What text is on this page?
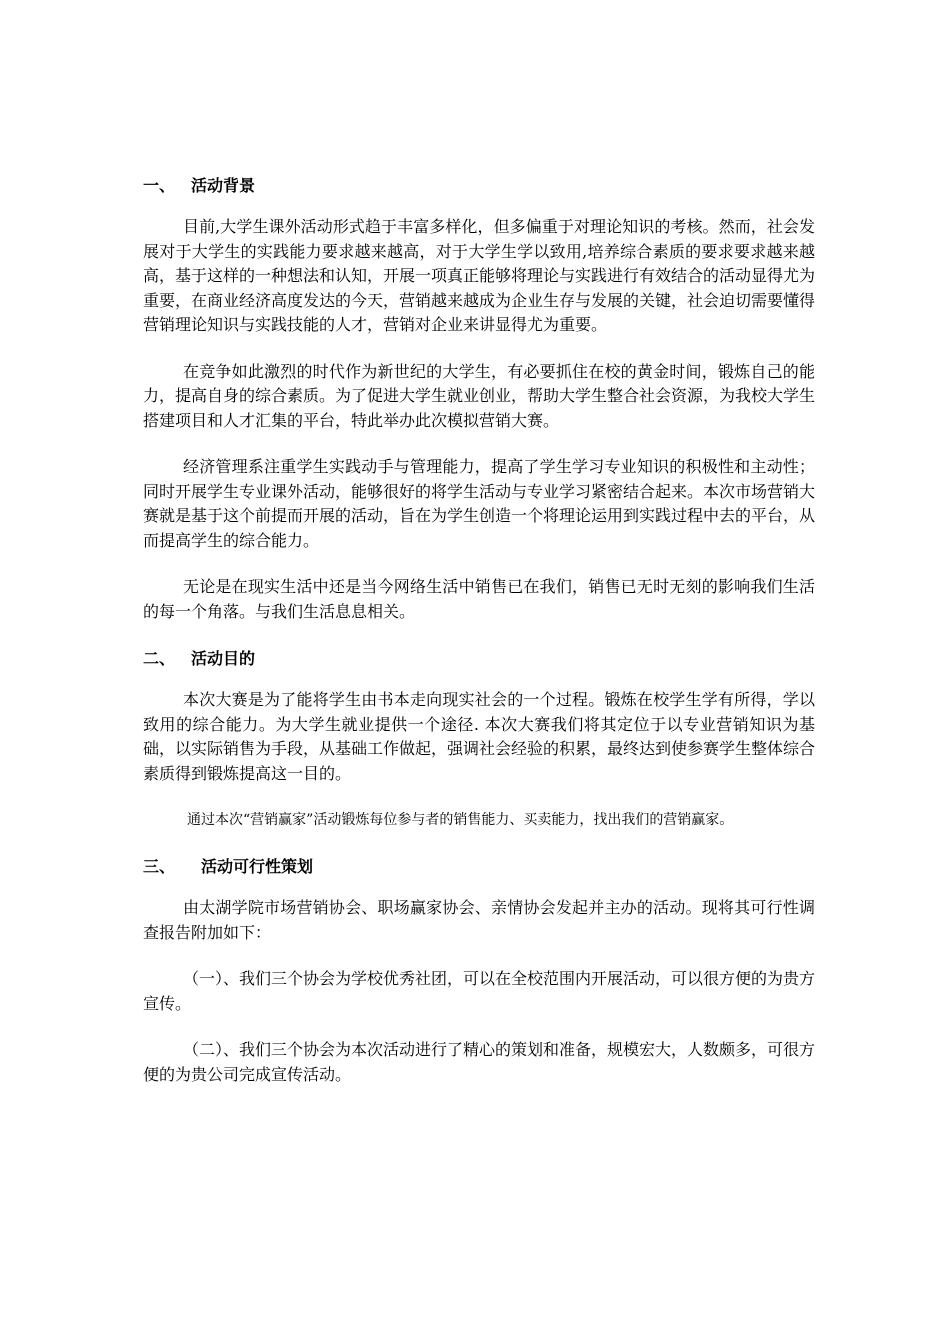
一、 活动背景

目前,大学生课外活动形式趋于丰富多样化，但多偏重于对理论知识的考核。然而，社会发展对于大学生的实践能力要求越来越高，对于大学生学以致用,培养综合素质的要求要求越来越高，基于这样的一种想法和认知，开展一项真正能够将理论与实践进行有效结合的活动显得尤为重要，在商业经济高度发达的今天，营销越来越成为企业生存与发展的关键，社会迫切需要懂得营销理论知识与实践技能的人才，营销对企业来讲显得尤为重要。

在竞争如此激烈的时代作为新世纪的大学生，有必要抓住在校的黄金时间，锻炼自己的能力，提高自身的综合素质。为了促进大学生就业创业，帮助大学生整合社会资源，为我校大学生搭建项目和人才汇集的平台，特此举办此次模拟营销大赛。

经济管理系注重学生实践动手与管理能力，提高了学生学习专业知识的积极性和主动性；同时开展学生专业课外活动，能够很好的将学生活动与专业学习紧密结合起来。本次市场营销大赛就是基于这个前提而开展的活动，旨在为学生创造一个将理论运用到实践过程中去的平台，从而提高学生的综合能力。

无论是在现实生活中还是当今网络生活中销售已在我们，销售已无时无刻的影响我们生活的每一个角落。与我们生活息息相关。

二、 活动目的

本次大赛是为了能将学生由书本走向现实社会的一个过程。锻炼在校学生学有所得，学以致用的综合能力。为大学生就业提供一个途径. 本次大赛我们将其定位于以专业营销知识为基础，以实际销售为手段，从基础工作做起，强调社会经验的积累，最终达到使参赛学生整体综合素质得到锻炼提高这一目的。

通过本次“营销赢家”活动锻炼每位参与者的销售能力、买卖能力，找出我们的营销赢家。

三、 活动可行性策划

由太湖学院市场营销协会、职场赢家协会、亲情协会发起并主办的活动。现将其可行性调查报告附加如下：

（一）、我们三个协会为学校优秀社团，可以在全校范围内开展活动，可以很方便的为贵方宣传。

（二）、我们三个协会为本次活动进行了精心的策划和准备，规模宏大，人数颇多，可很方便的为贵公司完成宣传活动。
